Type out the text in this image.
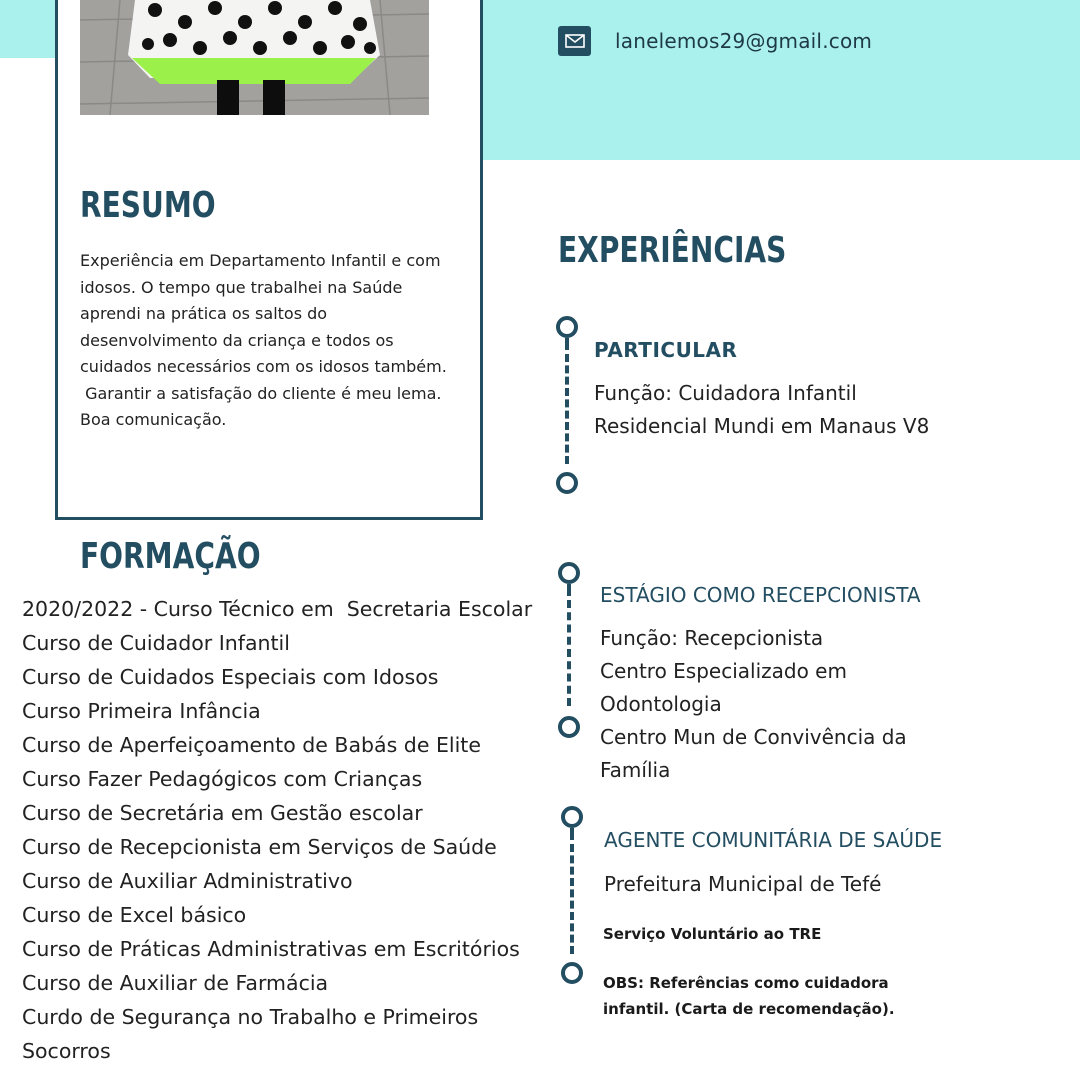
lanelemos29@gmail.com
RESUMO
Experiência em Departamento Infantil e com
idosos. O tempo que trabalhei na Saúde
aprendi na prática os saltos do
desenvolvimento da criança e todos os
cuidados necessários com os idosos também.
Garantir a satisfação do cliente é meu lema.
Boa comunicação.
FORMAÇÃO
2020/2022 - Curso Técnico em  Secretaria Escolar
Curso de Cuidador Infantil
Curso de Cuidados Especiais com Idosos
Curso Primeira Infância
Curso de Aperfeiçoamento de Babás de Elite
Curso Fazer Pedagógicos com Crianças
Curso de Secretária em Gestão escolar
Curso de Recepcionista em Serviços de Saúde
Curso de Auxiliar Administrativo
Curso de Excel básico
Curso de Práticas Administrativas em Escritórios
Curso de Auxiliar de Farmácia
Curdo de Segurança no Trabalho e Primeiros
Socorros
EXPERIÊNCIAS
PARTICULAR
Função: Cuidadora Infantil
Residencial Mundi em Manaus V8
ESTÁGIO COMO RECEPCIONISTA
Função: Recepcionista
Centro Especializado em
Odontologia
Centro Mun de Convivência da
Família
AGENTE COMUNITÁRIA DE SAÚDE
Prefeitura Municipal de Tefé
Serviço Voluntário ao TRE
OBS: Referências como cuidadora
infantil. (Carta de recomendação).
